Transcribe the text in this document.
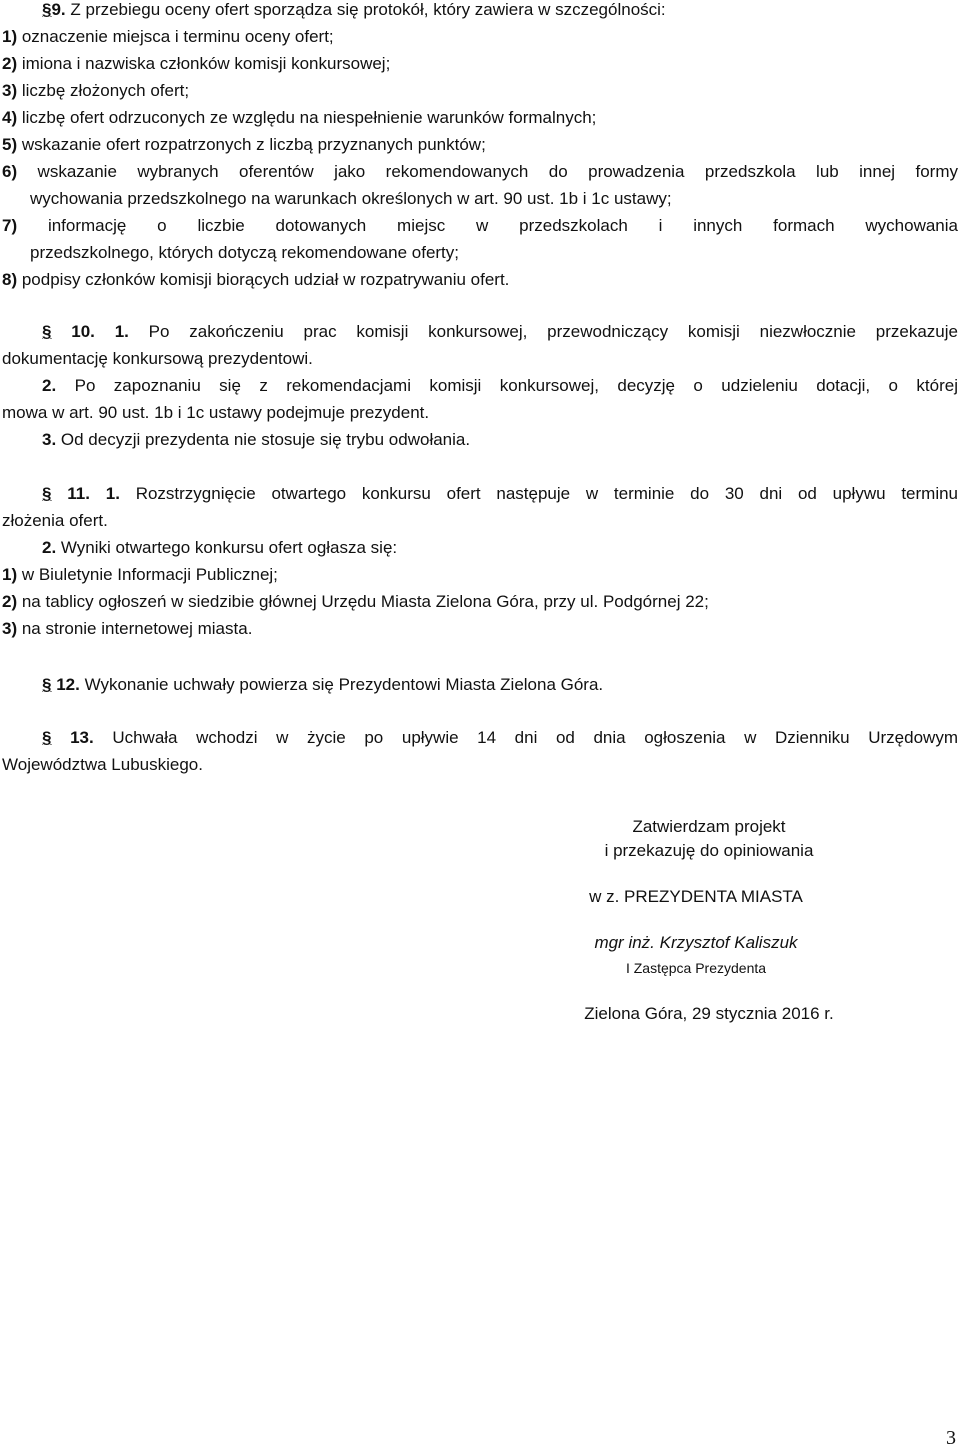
§9. Z przebiegu oceny ofert sporządza się protokół, który zawiera w szczególności:
1) oznaczenie miejsca i terminu oceny ofert;
2) imiona i nazwiska członków komisji konkursowej;
3) liczbę złożonych ofert;
4) liczbę ofert odrzuconych ze względu na niespełnienie warunków formalnych;
5) wskazanie ofert rozpatrzonych z liczbą przyznanych punktów;
6) wskazanie wybranych oferentów jako rekomendowanych do prowadzenia przedszkola lub innej formy
wychowania przedszkolnego na warunkach określonych w art. 90 ust. 1b i 1c ustawy;
7) informację o liczbie dotowanych miejsc w przedszkolach i innych formach wychowania
przedszkolnego, których dotyczą rekomendowane oferty;
8) podpisy członków komisji biorących udział w rozpatrywaniu ofert.
§ 10. 1. Po zakończeniu prac komisji konkursowej, przewodniczący komisji niezwłocznie przekazuje
dokumentację konkursową prezydentowi.
2. Po zapoznaniu się z rekomendacjami komisji konkursowej, decyzję o udzieleniu dotacji, o której
mowa w art. 90 ust. 1b i 1c ustawy podejmuje prezydent.
3. Od decyzji prezydenta nie stosuje się trybu odwołania.
§ 11. 1. Rozstrzygnięcie otwartego konkursu ofert następuje w terminie do 30 dni od upływu terminu
złożenia ofert.
2. Wyniki otwartego konkursu ofert ogłasza się:
1) w Biuletynie Informacji Publicznej;
2) na tablicy ogłoszeń w siedzibie głównej Urzędu Miasta Zielona Góra, przy ul. Podgórnej 22;
3) na stronie internetowej miasta.
§ 12. Wykonanie uchwały powierza się Prezydentowi Miasta Zielona Góra.
§ 13. Uchwała wchodzi w życie po upływie 14 dni od dnia ogłoszenia w Dzienniku Urzędowym
Województwa Lubuskiego.
Zatwierdzam projekt
i przekazuję do opiniowania
w z. PREZYDENTA MIASTA
mgr inż. Krzysztof Kaliszuk
I Zastępca Prezydenta
Zielona Góra, 29 stycznia 2016 r.
3
